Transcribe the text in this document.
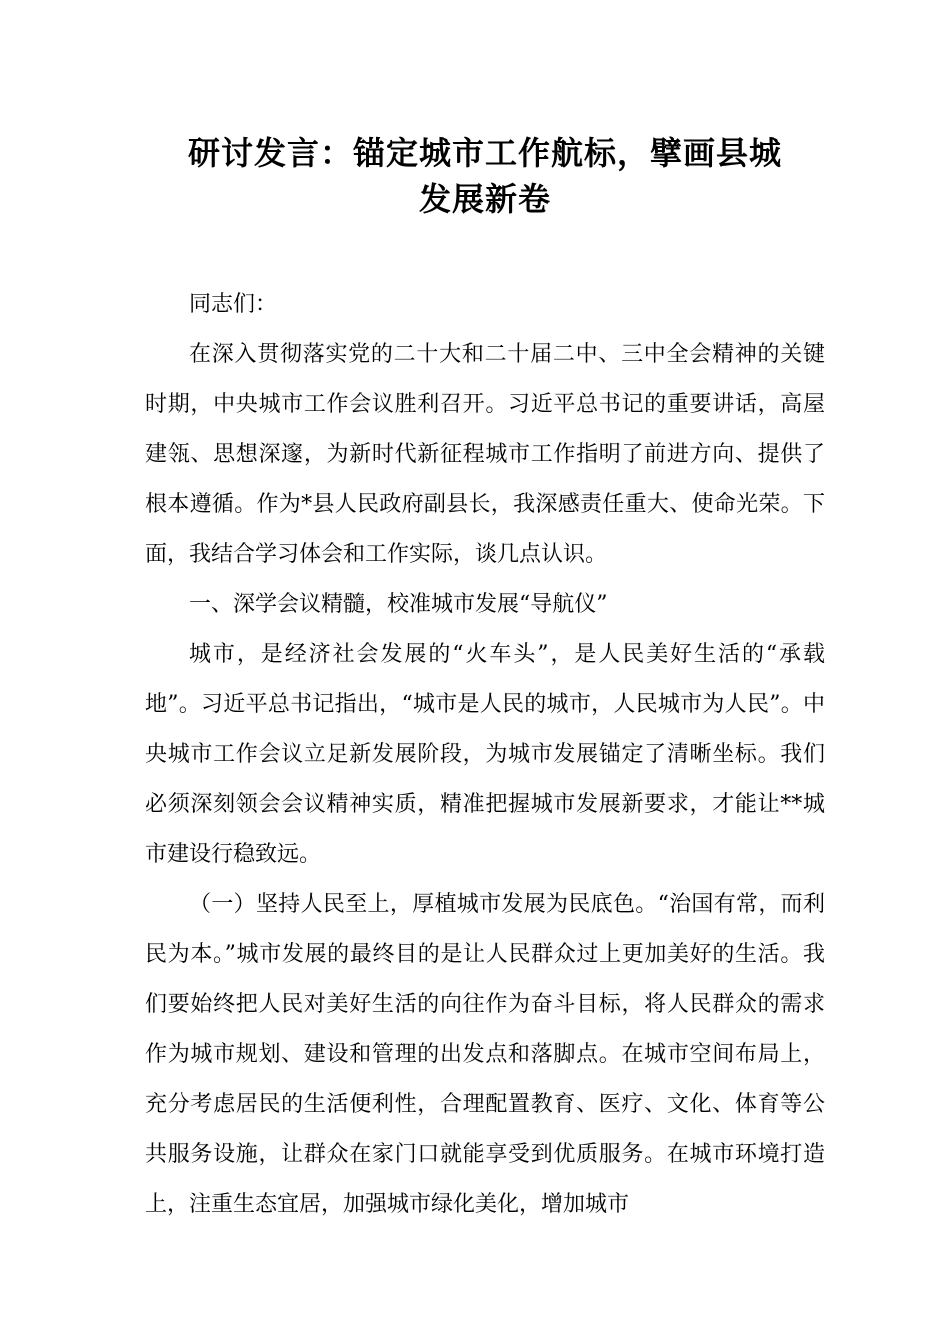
研讨发言：锚定城市工作航标，擘画县城
发展新卷

同志们：

在深入贯彻落实党的二十大和二十届二中、三中全会精神的关键时期，中央城市工作会议胜利召开。习近平总书记的重要讲话，高屋建瓴、思想深邃，为新时代新征程城市工作指明了前进方向、提供了根本遵循。作为*县人民政府副县长，我深感责任重大、使命光荣。下面，我结合学习体会和工作实际，谈几点认识。

一、深学会议精髓，校准城市发展“导航仪”

城市，是经济社会发展的“火车头”，是人民美好生活的“承载地”。习近平总书记指出，“城市是人民的城市，人民城市为人民”。中央城市工作会议立足新发展阶段，为城市发展锚定了清晰坐标。我们必须深刻领会会议精神实质，精准把握城市发展新要求，才能让**城市建设行稳致远。

（一）坚持人民至上，厚植城市发展为民底色。“治国有常，而利民为本。”城市发展的最终目的是让人民群众过上更加美好的生活。我们要始终把人民对美好生活的向往作为奋斗目标，将人民群众的需求作为城市规划、建设和管理的出发点和落脚点。在城市空间布局上，充分考虑居民的生活便利性，合理配置教育、医疗、文化、体育等公共服务设施，让群众在家门口就能享受到优质服务。在城市环境打造上，注重生态宜居，加强城市绿化美化，增加城市
